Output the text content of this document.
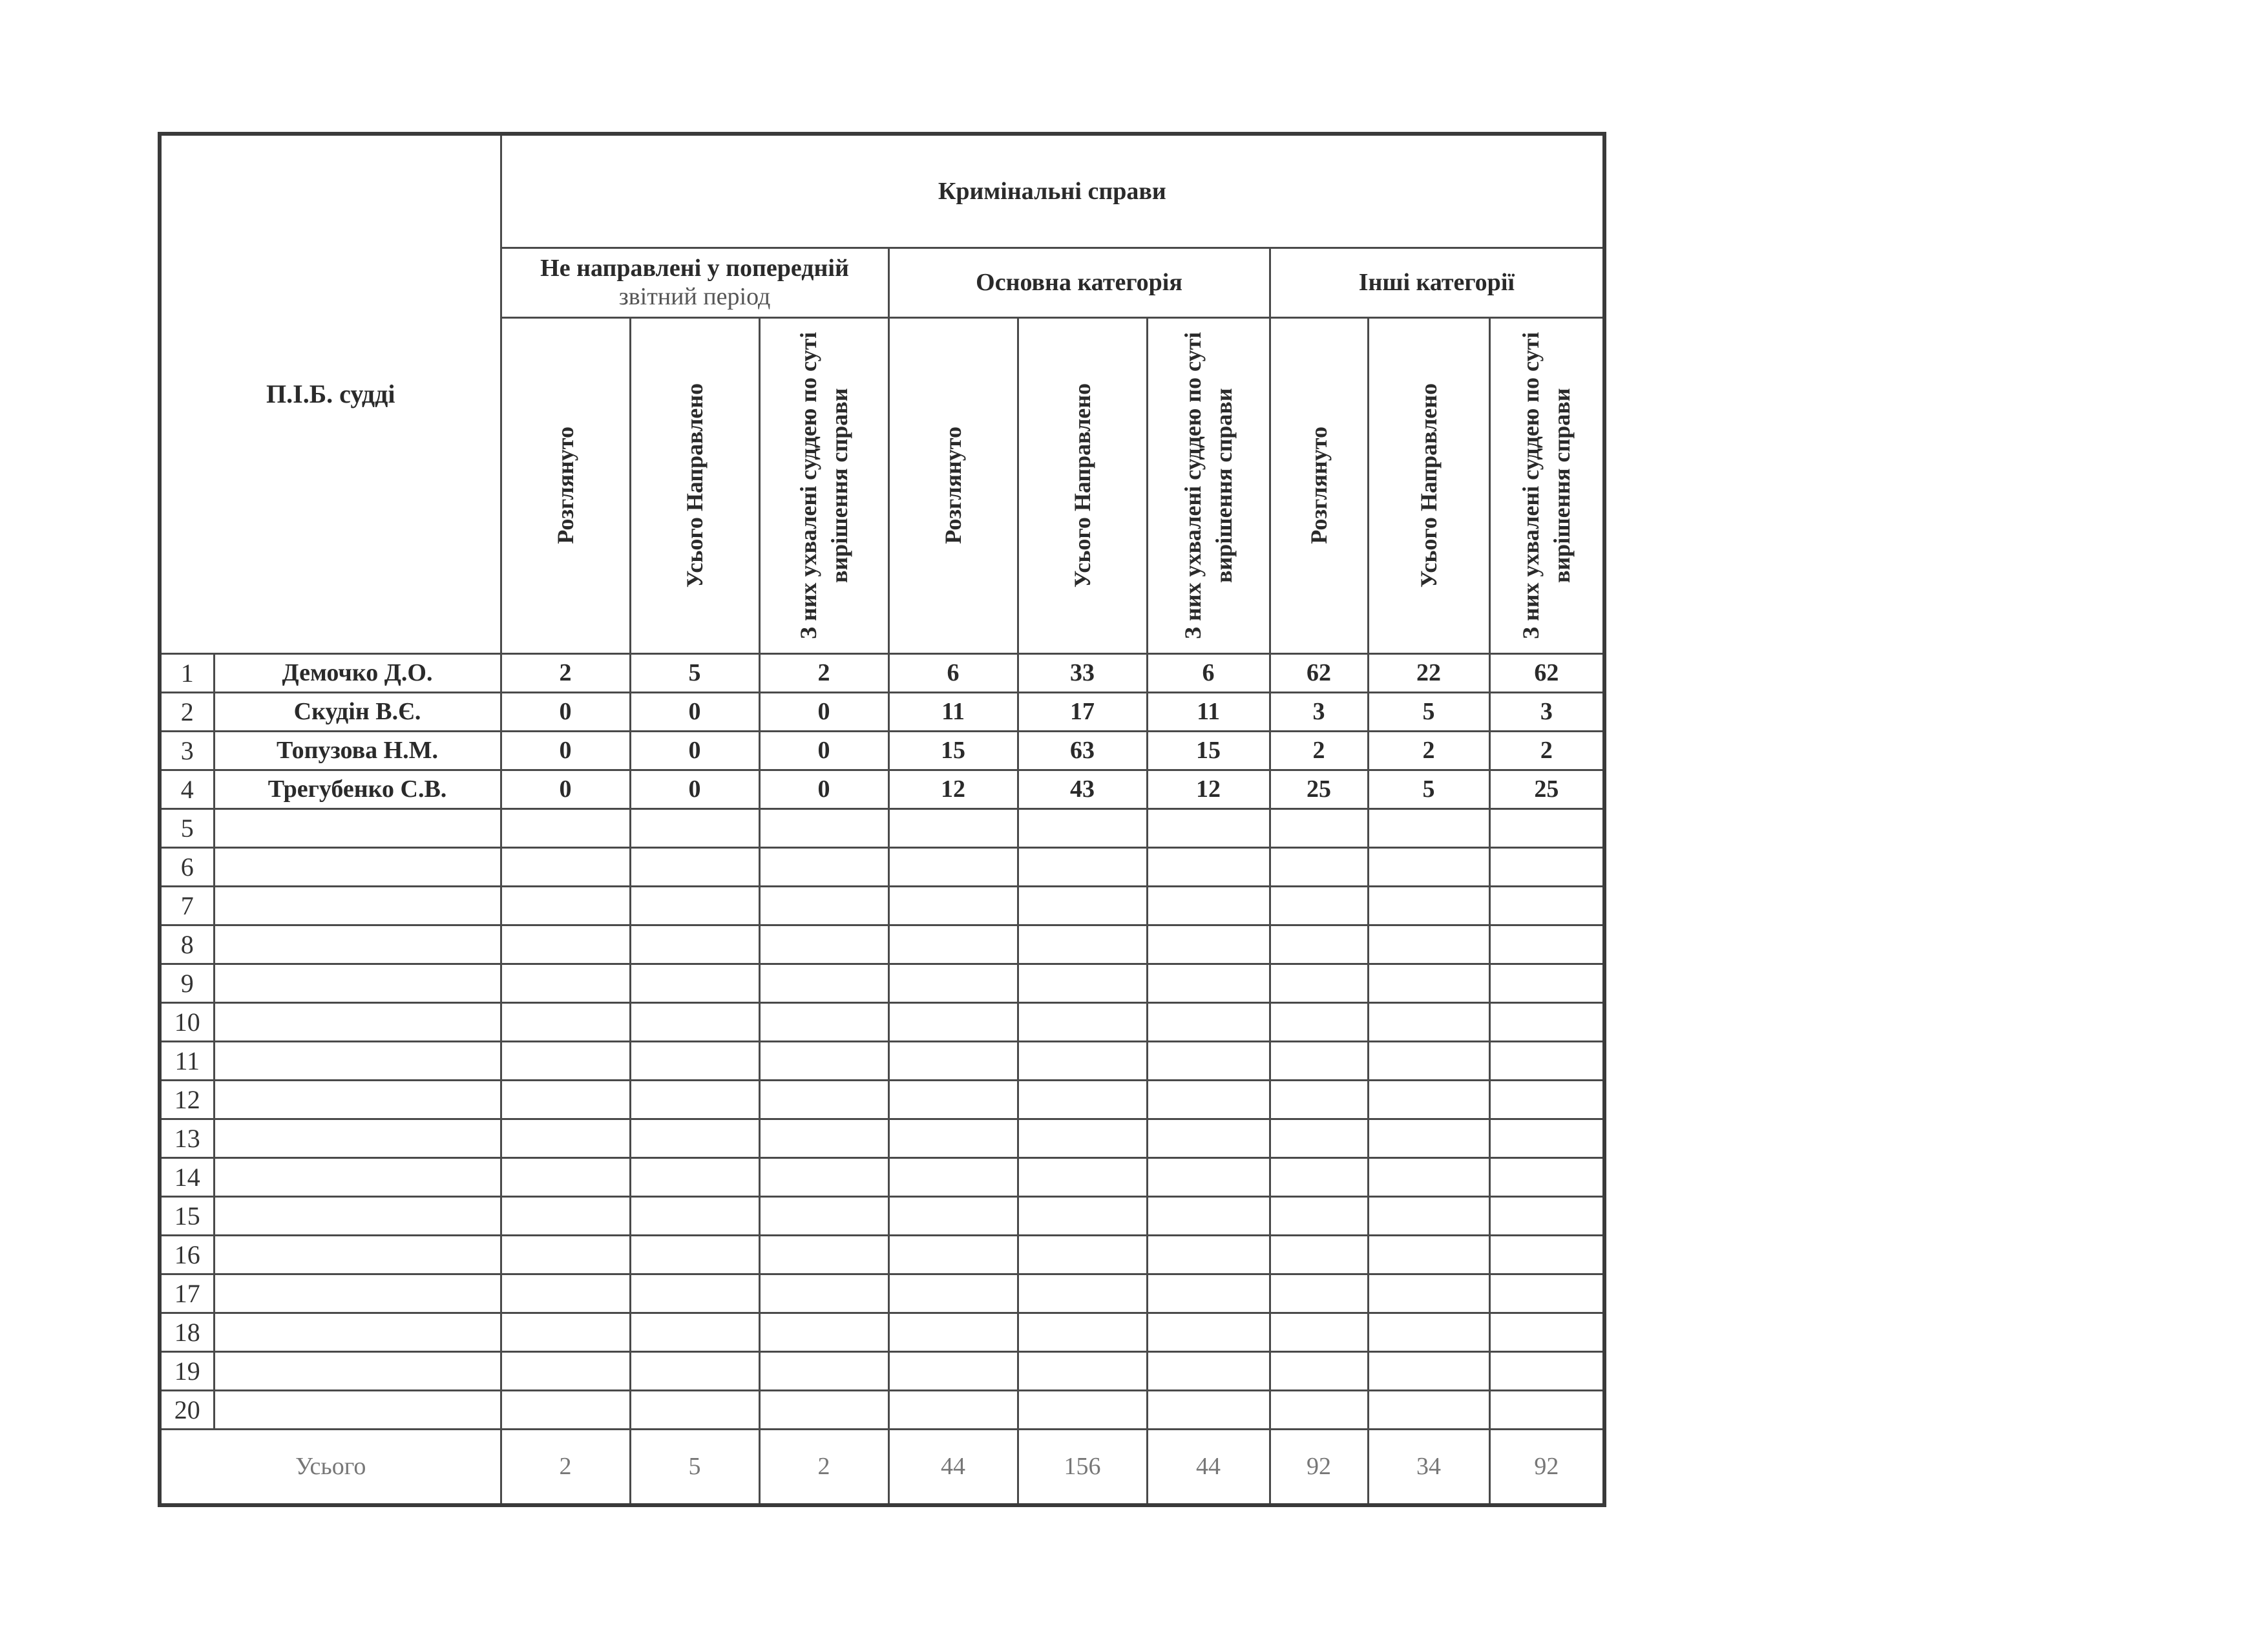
П.І.Б. судді		Кримінальні справи								

		Не направлені у попередній
звітний період			Основна категорія			Інші категорії		

		Розглянуто	Усього Направлено	З них ухвалені суддею по суті вирішення справи	Розглянуто	Усього Направлено	З них ухвалені суддею по суті вирішення справи	Розглянуто	Усього Направлено	З них ухвалені суддею по суті вирішення справи

1	Демочко Д.О.	2	5	2	6	33	6	62	22	62
2	Скудін В.Є.	0	0	0	11	17	11	3	5	3
3	Топузова Н.М.	0	0	0	15	63	15	2	2	2
4	Трегубенко С.В.	0	0	0	12	43	12	25	5	25
5										
6										
7										
8										
9										
10										
11										
12										
13										
14										
15										
16										
17										
18										
19										
20										
Усього		2	5	2	44	156	44	92	34	92
